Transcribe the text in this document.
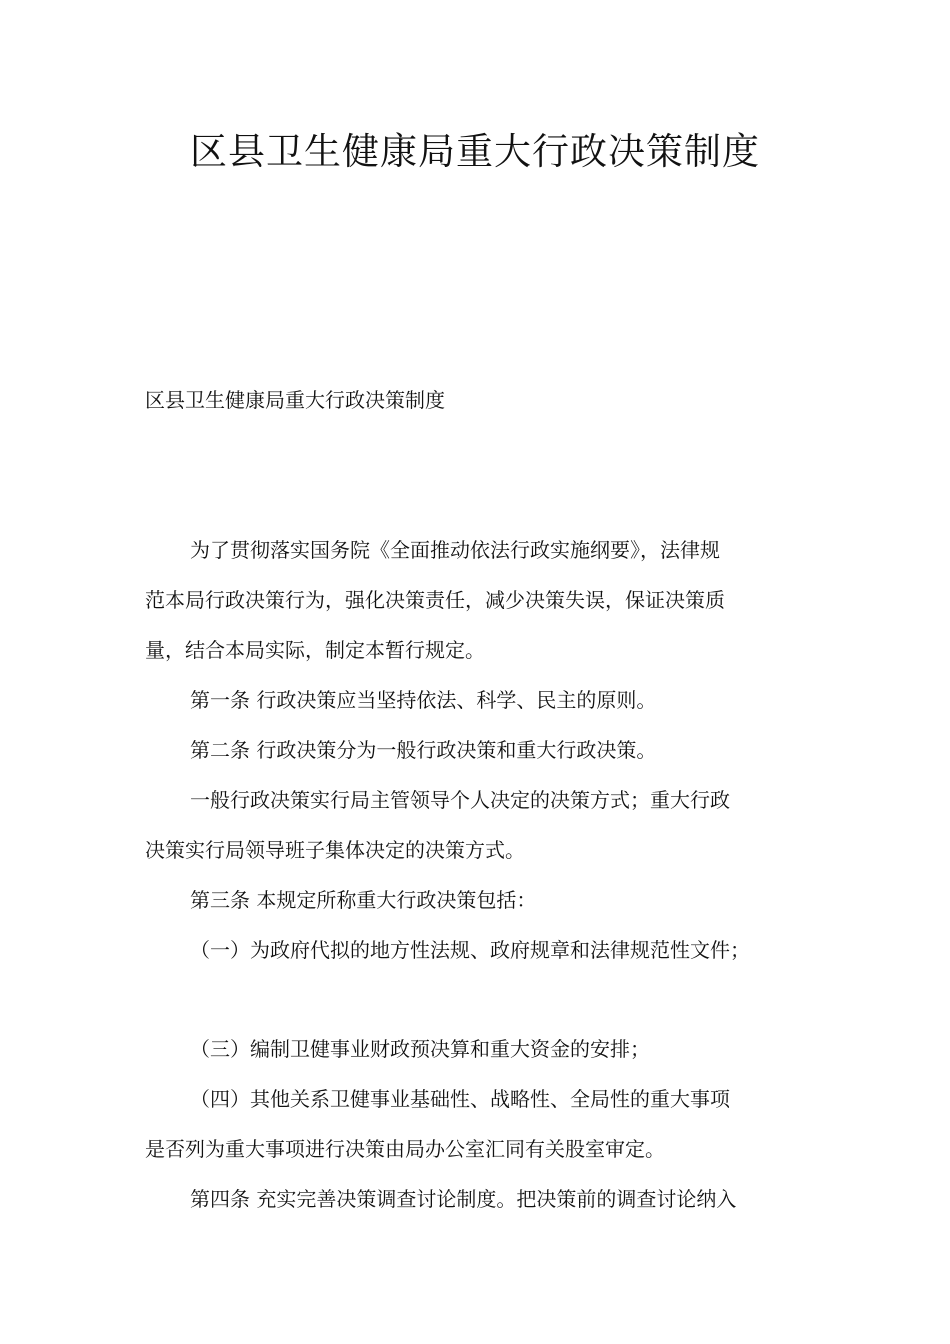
区县卫生健康局重大行政决策制度
区县卫生健康局重大行政决策制度
为了贯彻落实国务院《全面推动依法行政实施纲要》，法律规
范本局行政决策行为，强化决策责任，减少决策失误，保证决策质
量，结合本局实际，制定本暂行规定。
第一条 行政决策应当坚持依法、科学、民主的原则。
第二条 行政决策分为一般行政决策和重大行政决策。
一般行政决策实行局主管领导个人决定的决策方式；重大行政
决策实行局领导班子集体决定的决策方式。
第三条 本规定所称重大行政决策包括：
（一）为政府代拟的地方性法规、政府规章和法律规范性文件；
（三）编制卫健事业财政预决算和重大资金的安排；
（四）其他关系卫健事业基础性、战略性、全局性的重大事项
是否列为重大事项进行决策由局办公室汇同有关股室审定。
第四条 充实完善决策调查讨论制度。把决策前的调查讨论纳入
